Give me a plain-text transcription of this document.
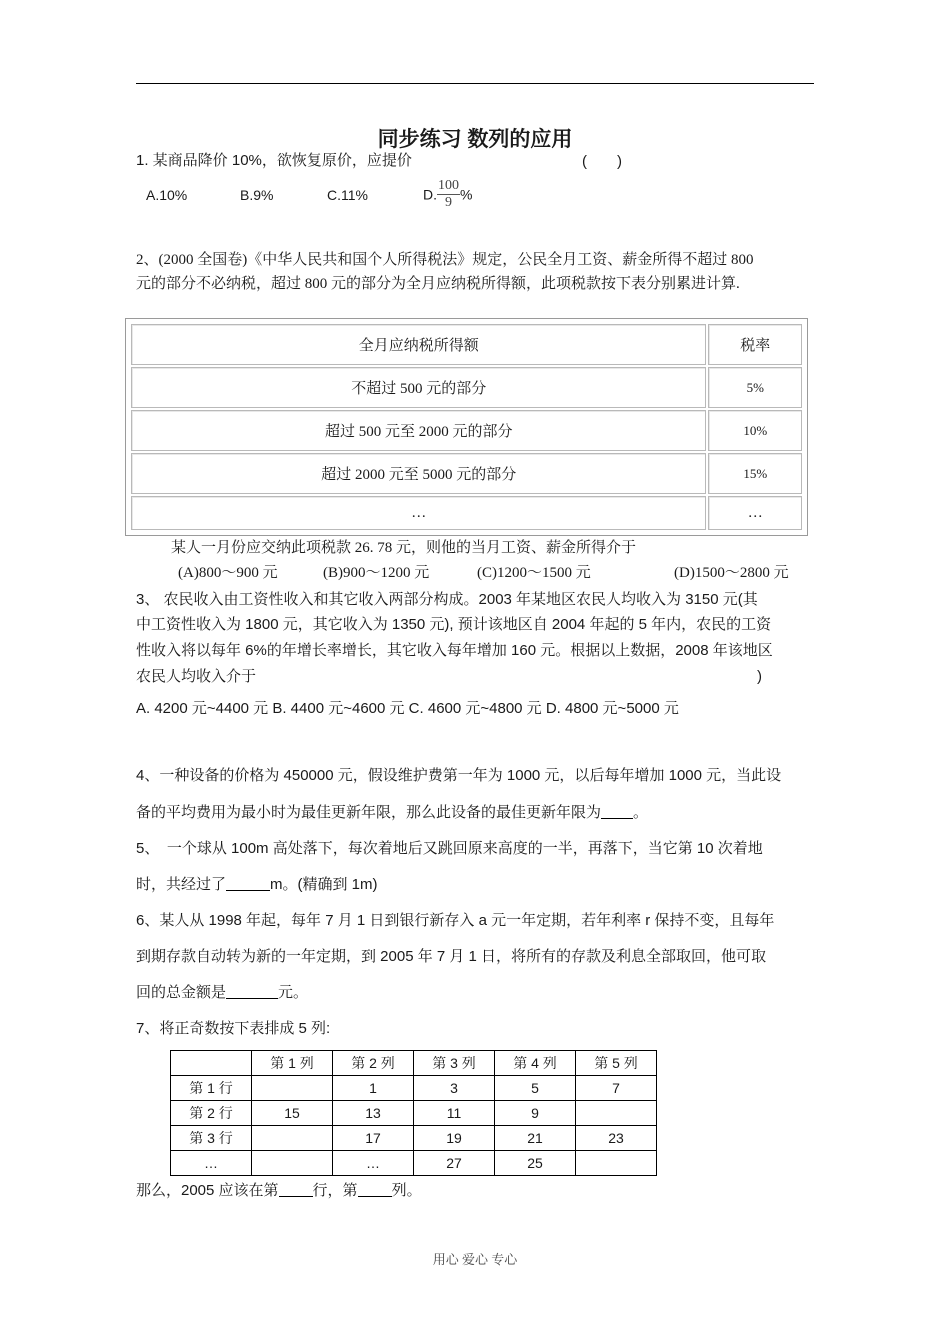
同步练习 数列的应用
1. 某商品降价 10%，欲恢复原价，应提价	(　　)
A.10%	B.9%	C.11%	D. $\frac{100}{9}$ %
2、(2000 全国卷)《中华人民共和国个人所得税法》规定，公民全月工资、薪金所得不超过 800
元的部分不必纳税，超过 800 元的部分为全月应纳税所得额，此项税款按下表分别累进计算.
全月应纳税所得额	税率
不超过 500 元的部分	5%
超过 500 元至 2000 元的部分	10%
超过 2000 元至 5000 元的部分	15%
…	…
某人一月份应交纳此项税款 26. 78 元，则他的当月工资、薪金所得介于
(A)800～900 元	(B)900～1200 元	(C)1200～1500 元	(D)1500～2800 元
3、 农民收入由工资性收入和其它收入两部分构成。2003 年某地区农民人均收入为 3150 元(其
中工资性收入为 1800 元，其它收入为 1350 元), 预计该地区自 2004 年起的 5 年内，农民的工资
性收入将以每年 6%的年增长率增长，其它收入每年增加 160 元。根据以上数据，2008 年该地区
农民人均收入介于	)
A. 4200 元~4400 元 B. 4400 元~4600 元 C. 4600 元~4800 元 D. 4800 元~5000 元
4、一种设备的价格为 450000 元，假设维护费第一年为 1000 元，以后每年增加 1000 元，当此设
备的平均费用为最小时为最佳更新年限，那么此设备的最佳更新年限为 。
5、　一个球从 100m 高处落下，每次着地后又跳回原来高度的一半，再落下，当它第 10 次着地
时，共经过了	m。(精确到 1m)
6、某人从 1998 年起，每年 7 月 1 日到银行新存入 a 元一年定期，若年利率 r 保持不变，且每年
到期存款自动转为新的一年定期，到 2005 年 7 月 1 日，将所有的存款及利息全部取回，他可取
回的总金额是	元。
7、将正奇数按下表排成 5 列:
	第 1 列	第 2 列	第 3 列	第 4 列	第 5 列
第 1 行		1	3	5	7
第 2 行	15	13	11	9	
第 3 行		17	19	21	23
…		…	27	25	
那么，2005 应该在第 行，第 列。
用心 爱心 专心
